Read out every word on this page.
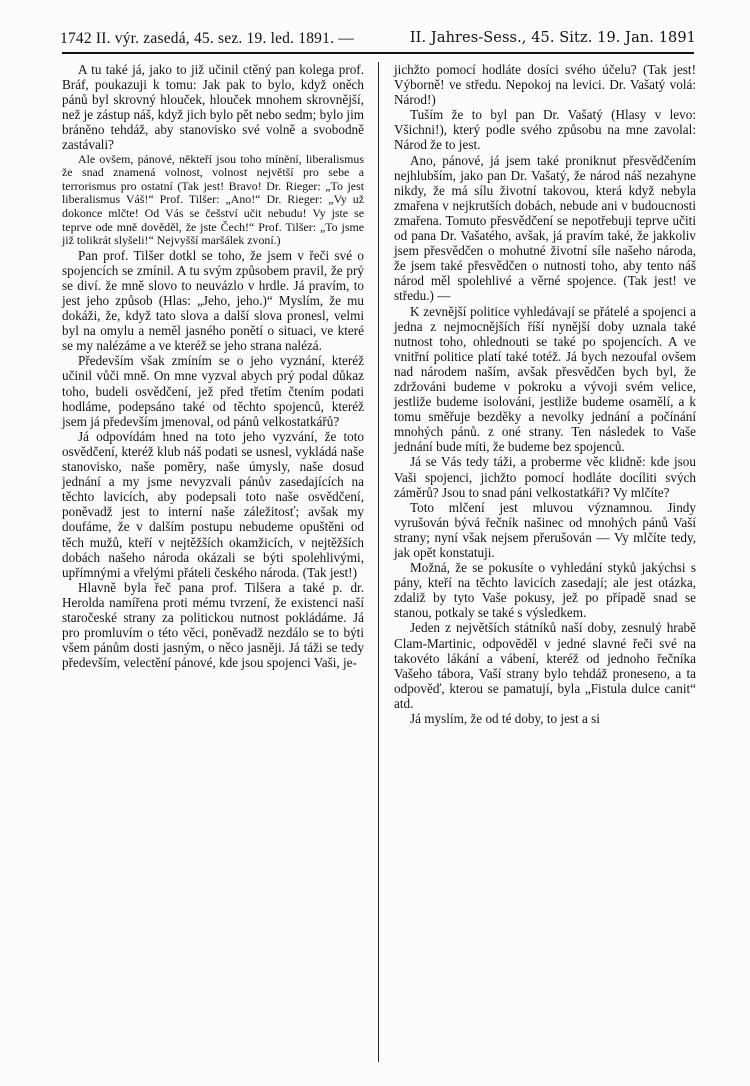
1742 II. výr. zasedá, 45. sez. 19. led. 1891. —	II. Jahres-Sess., 45. Sitz. 19. Jan. 1891

A tu také já, jako to již učinil ctěný pan kolega prof. Bráf, poukazuji k tomu: Jak pak to bylo, když oněch pánů byl skrovný hlouček, hlouček mnohem skrovnější, než je zástup náš, když jich bylo pět nebo sedm; bylo jim bráněno tehdáž, aby stanovisko své volně a svobodně zastávali?

Ale ovšem, pánové, někteří jsou toho mínění, liberalismus že snad znamená volnost, volnost největší pro sebe a terrorismus pro ostatní (Tak jest! Bravo! Dr. Rieger: „To jest liberalismus Váš!“ Prof. Tilšer: „Ano!“ Dr. Rieger: „Vy už dokonce mlčte! Od Vás se češství učit nebudu! Vy jste se teprve ode mně dověděl, že jste Čech!“ Prof. Tilšer: „To jsme již tolikrát slyšeli!“ Nejvyšší maršálek zvoní.)

Pan prof. Tilšer dotkl se toho, že jsem v řeči své o spojencích se zmínil. A tu svým způsobem pravil, že prý se diví. že mně slovo to neuvázlo v hrdle. Já pravím, to jest jeho způsob (Hlas: „Jeho, jeho.)“ Myslím, že mu dokáži, že, když tato slova a další slova pronesl, velmi byl na omylu a neměl jasného ponětí o situaci, ve které se my nalézáme a ve kteréž se jeho strana nalézá.

Především však zmíním se o jeho vyznání, kteréž učinil vůči mně. On mne vyzval abych prý podal důkaz toho, budeli osvědčení, jež před třetím čtením podati hodláme, podepsáno také od těchto spojenců, kteréž jsem já především jmenoval, od pánů velkostatkářů?

Já odpovídám hned na toto jeho vyzvání, že toto osvědčení, kteréž klub náš podati se usnesl, vykládá naše stanovisko, naše poměry, naše úmysly, naše dosud jednání a my jsme nevyzvali pánův zasedajících na těchto lavicích, aby podepsali toto naše osvědčení, poněvadž jest to interní naše záležitosť; avšak my doufáme, že v dalším postupu nebudeme opuštěni od těch mužů, kteří v nejtěžších okamžicích, v nejtěžších dobách našeho národa okázali se býti spolehlivými, upřímnými a vřelými přáteli českého národa. (Tak jest!)

Hlavně byla řeč pana prof. Tilšera a také p. dr. Herolda namířena proti mému tvrzení, že existenci naší staročeské strany za politickou nutnost pokládáme. Já pro promluvím o této věci, poněvadž nezdálo se to býti všem pánům dosti jasným, o něco jasněji. Já táži se tedy především, velectění pánové, kde jsou spojenci Vaši, je-

jichžto pomocí hodláte dosíci svého účelu? (Tak jest! Výborně! ve středu. Nepokoj na levici. Dr. Vašatý volá: Národ!)

Tuším že to byl pan Dr. Vašatý (Hlasy v levo: Všichni!), který podle svého způsobu na mne zavolal: Národ že to jest.

Ano, pánové, já jsem také proniknut přesvědčením nejhlubším, jako pan Dr. Vašatý, že národ náš nezahyne nikdy, že má sílu životní takovou, která když nebyla zmařena v nejkrutších dobách, nebude ani v budoucnosti zmařena. Tomuto přesvědčení se nepotřebuji teprve učiti od pana Dr. Vašatého, avšak, já pravím také, že jakkoliv jsem přesvědčen o mohutné životní síle našeho národa, že jsem také přesvědčen o nutnosti toho, aby tento náš národ měl spolehlivé a věrné spojence. (Tak jest! ve středu.) —

K zevnější politice vyhledávají se přátelé a spojenci a jedna z nejmocnějších říší nynější doby uznala také nutnost toho, ohlednouti se také po spojencích. A ve vnitřní politice platí také totéž. Já bych nezoufal ovšem nad národem naším, avšak přesvědčen bych byl, že zdržováni budeme v pokroku a vývoji svém velice, jestliže budeme isolováni, jestliže budeme osamělí, a k tomu směřuje bezděky a nevolky jednání a počínání mnohých pánů. z oné strany. Ten následek to Vaše jednání bude míti, že budeme bez spojenců.

Já se Vás tedy táži, a proberme věc klidně: kde jsou Vaši spojenci, jichžto pomocí hodláte docíliti svých záměrů? Jsou to snad páni velkostatkáři? Vy mlčíte?

Toto mlčení jest mluvou významnou. Jindy vyrušován bývá řečník našinec od mnohých pánů Vaší strany; nyní však nejsem přerušován — Vy mlčíte tedy, jak opět konstatuji.

Možná, že se pokusíte o vyhledání styků jakýchsi s pány, kteří na těchto lavicích zasedají; ale jest otázka, zdaliž by tyto Vaše pokusy, jež po případě snad se stanou, potkaly se také s výsledkem.

Jeden z největších státníků naší doby, zesnulý hrabě Clam-Martinic, odpověděl v jedné slavné řeči své na takovéto lákání a vábení, kteréž od jednoho řečníka Vašeho tábora, Vaší strany bylo tehdáž proneseno, a ta odpověď, kterou se pamatují, byla „Fistula dulce canit“ atd.

Já myslím, že od té doby, to jest a si
